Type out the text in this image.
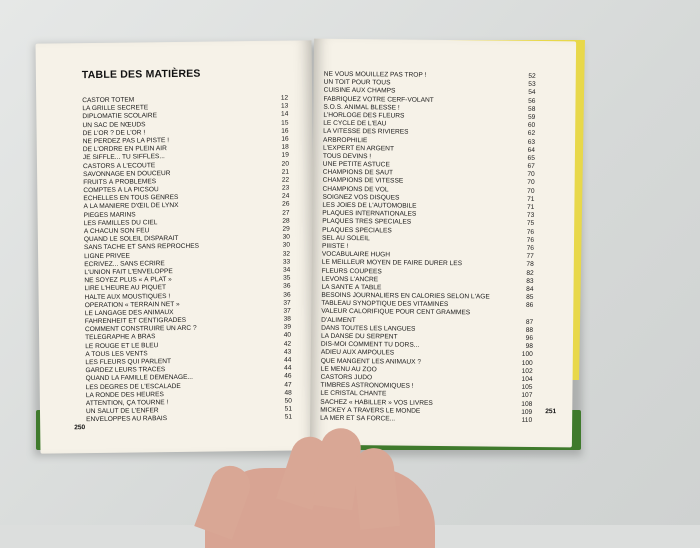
TABLE DES MATIÈRES
CASTOR TOTEM	12
LA GRILLE SECRÈTE	13
DIPLOMATIE SCOLAIRE	14
UN SAC DE NŒUDS	15
DE L'OR ? DE L'OR !	16
NE PERDEZ PAS LA PISTE !	16
DE L'ORDRE EN PLEIN AIR	18
JE SIFFLE... TU SIFFLES...	19
CASTORS À L'ÉCOUTE	20
SAVONNAGE EN DOUCEUR	21
FRUITS À PROBLÈMES	22
COMPTES À LA PICSOU	23
ÉCHELLES EN TOUS GENRES	24
À LA MANIÈRE D'ŒIL DE LYNX	26
PIÈGES MARINS	27
LES FAMILLES DU CIEL	28
À CHACUN SON FEU	29
QUAND LE SOLEIL DISPARAIT	30
SANS TACHE ET SANS REPROCHES	30
LIGNE PRIVÉE	32
ÉCRIVEZ... SANS ÉCRIRE	33
L'UNION FAIT L'ENVELOPPE	34
NE SOYEZ PLUS « À PLAT »	35
LIRE L'HEURE AU PIQUET	36
HALTE AUX MOUSTIQUES !	36
OPÉRATION « TERRAIN NET »	37
LE LANGAGE DES ANIMAUX	37
FAHRENHEIT ET CENTIGRADES	38
COMMENT CONSTRUIRE UN ARC ?	39
TÉLÉGRAPHE À BRAS	40
LE ROUGE ET LE BLEU	42
À TOUS LES VENTS	43
LES FLEURS QUI PARLENT	44
GARDEZ LEURS TRACES	44
QUAND LA FAMILLE DÉMÉNAGE...	46
LES DEGRÉS DE L'ESCALADE	47
LA RONDE DES HEURES	48
ATTENTION, ÇA TOURNE !	50
UN SALUT DE L'ENFER	51
ENVELOPPES AU RABAIS	51
250
NE VOUS MOUILLEZ PAS TROP !	52
UN TOIT POUR TOUS	53
CUISINE AUX CHAMPS	54
FABRIQUEZ VOTRE CERF-VOLANT	56
S.O.S. ANIMAL BLESSÉ !	58
L'HORLOGE DES FLEURS	59
LE CYCLE DE L'EAU	60
LA VITESSE DES RIVIÈRES	62
ARBROPHILIE	63
L'EXPERT EN ARGENT	64
TOUS DEVINS !	65
UNE PETITE ASTUCE	67
CHAMPIONS DE SAUT	70
CHAMPIONS DE VITESSE	70
CHAMPIONS DE VOL	70
SOIGNEZ VOS DISQUES	71
LES JOIES DE L'AUTOMOBILE	71
PLAQUES INTERNATIONALES	73
PLAQUES TRÈS SPÉCIALES	75
PLAQUES SPÉCIALES	76
SEL AU SOLEIL	76
PIIISTE !	76
VOCABULAIRE HUGH	77
LE MEILLEUR MOYEN DE FAIRE DURER LES	78
FLEURS COUPÉES	82
LEVONS L'ANCRE	83
LA SANTÉ À TABLE	84
BESOINS JOURNALIERS EN CALORIES SELON L'ÂGE	85
TABLEAU SYNOPTIQUE DES VITAMINES	86
VALEUR CALORIFIQUE POUR CENT GRAMMES
D'ALIMENT	87
DANS TOUTES LES LANGUES	88
LA DANSE DU SERPENT	96
DIS-MOI COMMENT TU DORS...	98
ADIEU AUX AMPOULES	100
QUE MANGENT LES ANIMAUX ?	100
LE MENU AU ZOO	102
CASTORS JUDO	104
TIMBRES ASTRONOMIQUES !	105
LE CRISTAL CHANTE	107
SACHEZ « HABILLER » VOS LIVRES	108
MICKEY À TRAVERS LE MONDE	109
LA MER ET SA FORCE...	110
251
